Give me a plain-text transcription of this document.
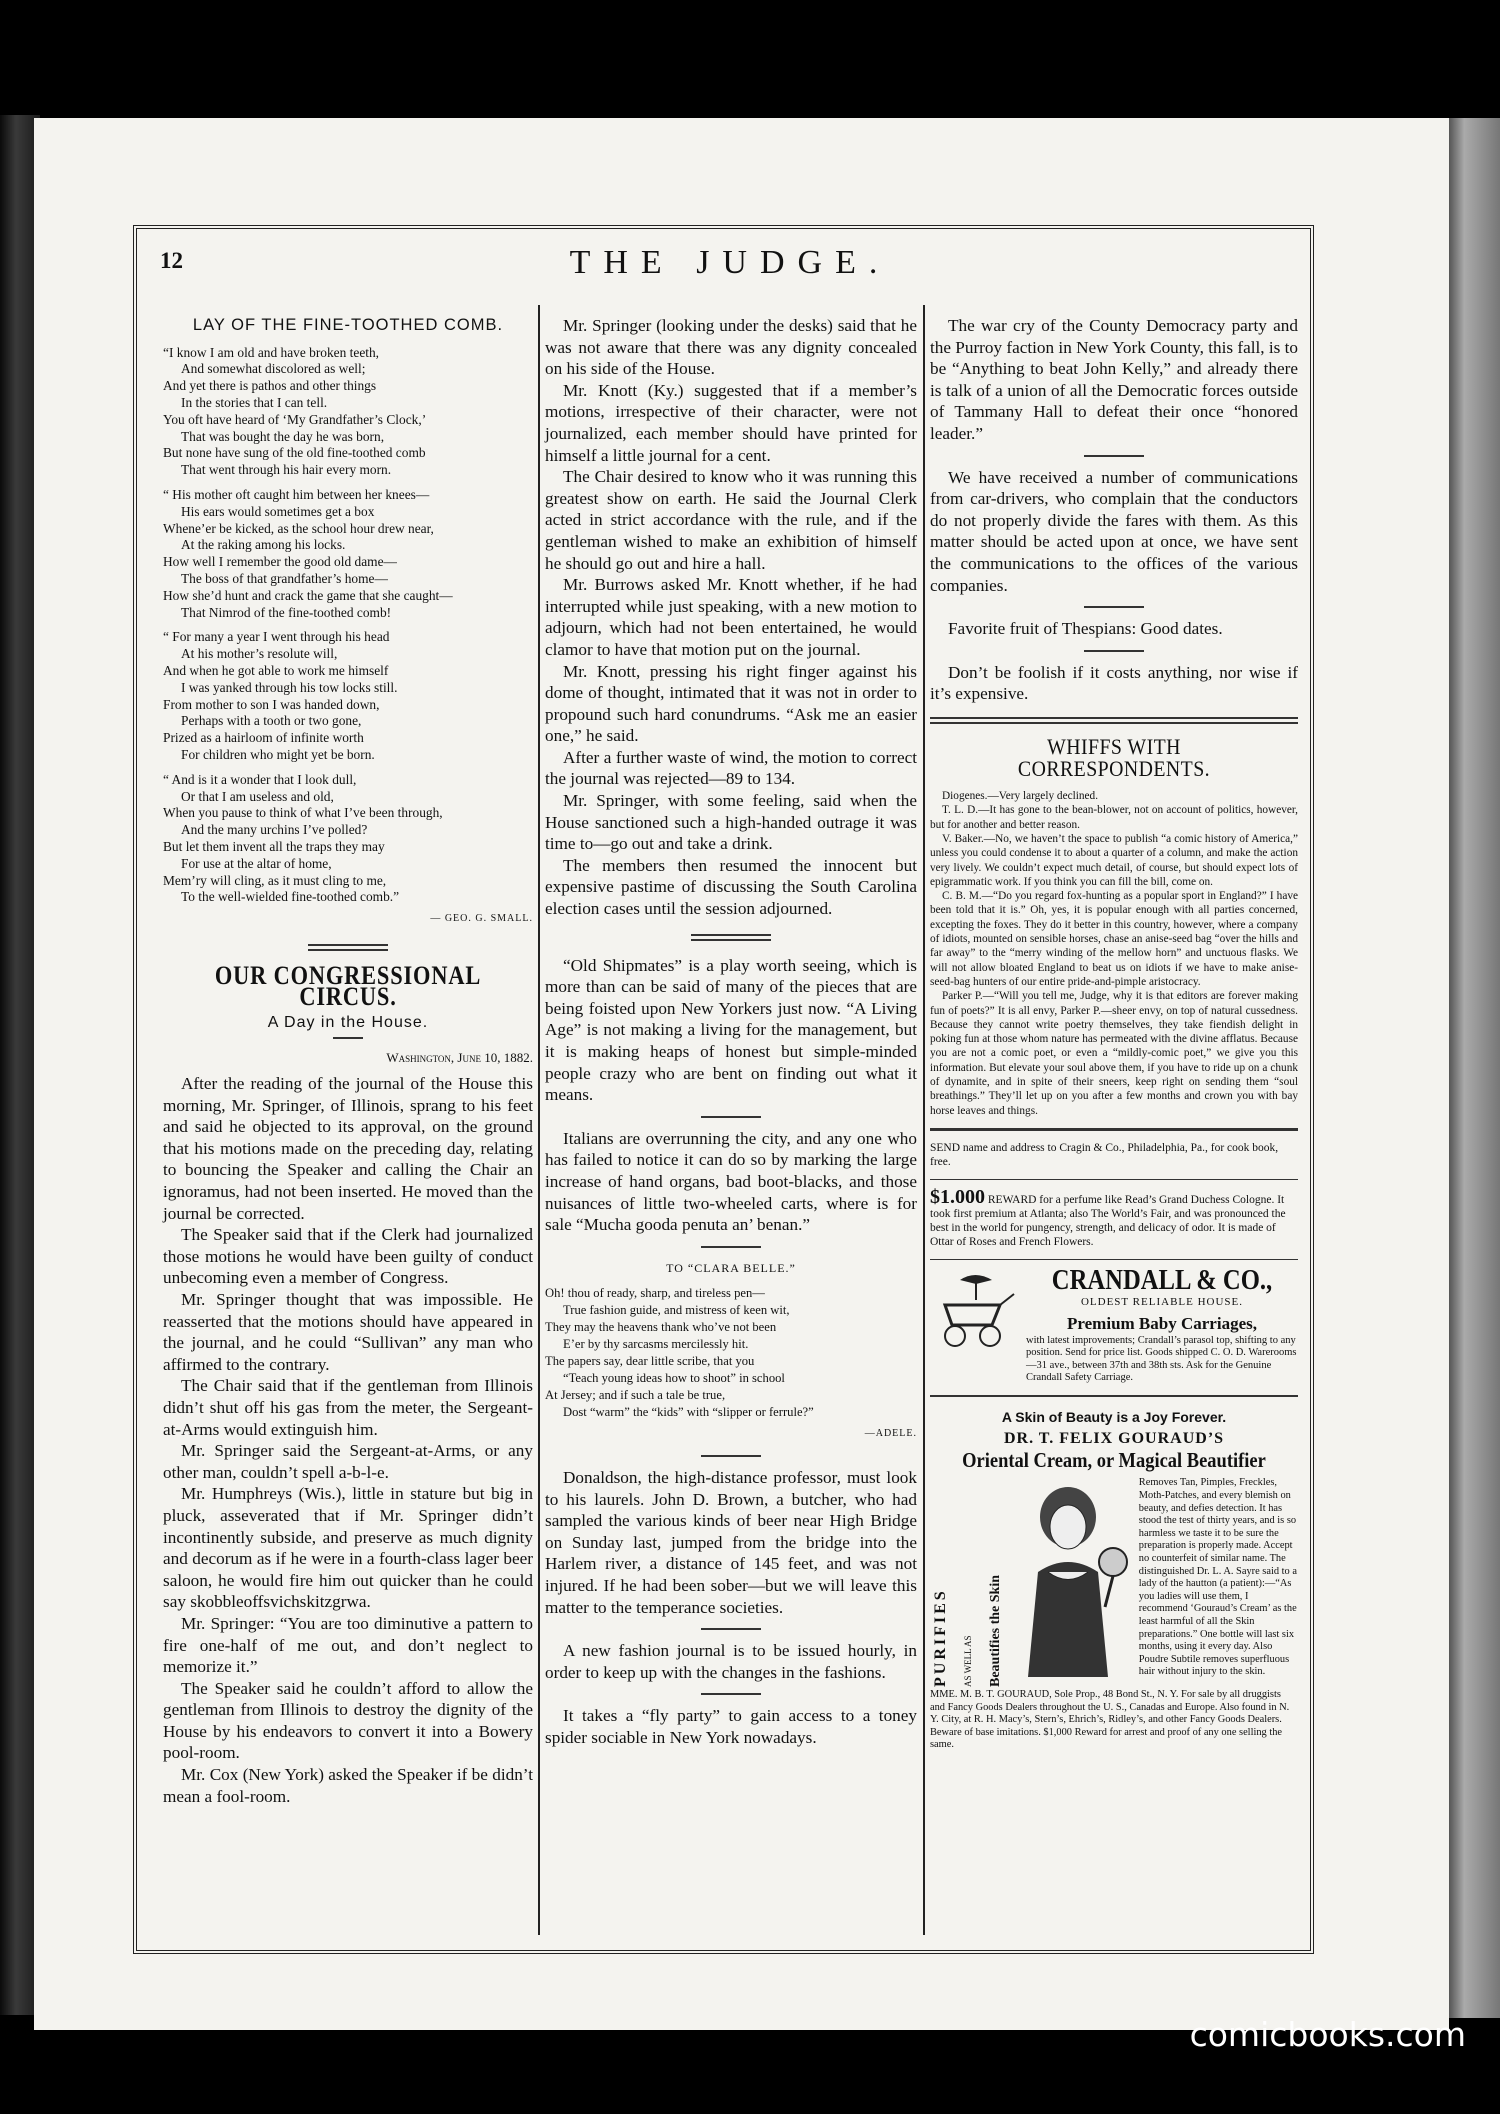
12	THE JUDGE.
LAY OF THE FINE-TOOTHED COMB.
“I know I am old and have broken teeth,
And somewhat discolored as well;
And yet there is pathos and other things
In the stories that I can tell.
You oft have heard of ‘My Grandfather’s Clock,’
That was bought the day he was born,
But none have sung of the old fine-toothed comb
That went through his hair every morn.
“ His mother oft caught him between her knees—
His ears would sometimes get a box
Whene’er be kicked, as the school hour drew near,
At the raking among his locks.
How well I remember the good old dame—
The boss of that grandfather’s home—
How she’d hunt and crack the game that she caught—
That Nimrod of the fine-toothed comb!
“ For many a year I went through his head
At his mother’s resolute will,
And when he got able to work me himself
I was yanked through his tow locks still.
From mother to son I was handed down,
Perhaps with a tooth or two gone,
Prized as a hairloom of infinite worth
For children who might yet be born.
“ And is it a wonder that I look dull,
Or that I am useless and old,
When you pause to think of what I’ve been through,
And the many urchins I’ve polled?
But let them invent all the traps they may
For use at the altar of home,
Mem’ry will cling, as it must cling to me,
To the well-wielded fine-toothed comb.”
— GEO. G. SMALL.
OUR CONGRESSIONAL CIRCUS.
A Day in the House.
Washington, June 10, 1882.

After the reading of the journal of the House this morning, Mr. Springer, of Illinois, sprang to his feet and said he objected to its approval, on the ground that his motions made on the preceding day, relating to bouncing the Speaker and calling the Chair an ignoramus, had not been inserted. He moved than the journal be corrected.

The Speaker said that if the Clerk had journalized those motions he would have been guilty of conduct unbecoming even a member of Congress.

Mr. Springer thought that was impossible. He reasserted that the motions should have appeared in the journal, and he could “Sullivan” any man who affirmed to the contrary.

The Chair said that if the gentleman from Illinois didn’t shut off his gas from the meter, the Sergeant-at-Arms would extinguish him.

Mr. Springer said the Sergeant-at-Arms, or any other man, couldn’t spell a-b-l-e.

Mr. Humphreys (Wis.), little in stature but big in pluck, asseverated that if Mr. Springer didn’t incontinently subside, and preserve as much dignity and decorum as if he were in a fourth-class lager beer saloon, he would fire him out quicker than he could say skobbleoffsvichskitzgrwa.

Mr. Springer: “You are too diminutive a pattern to fire one-half of me out, and don’t neglect to memorize it.”

The Speaker said he couldn’t afford to allow the gentleman from Illinois to destroy the dignity of the House by his endeavors to convert it into a Bowery pool-room.

Mr. Cox (New York) asked the Speaker if be didn’t mean a fool-room.

Mr. Springer (looking under the desks) said that he was not aware that there was any dignity concealed on his side of the House.

Mr. Knott (Ky.) suggested that if a member’s motions, irrespective of their character, were not journalized, each member should have printed for himself a little journal for a cent.

The Chair desired to know who it was running this greatest show on earth. He said the Journal Clerk acted in strict accordance with the rule, and if the gentleman wished to make an exhibition of himself he should go out and hire a hall.

Mr. Burrows asked Mr. Knott whether, if he had interrupted while just speaking, with a new motion to adjourn, which had not been entertained, he would clamor to have that motion put on the journal.

Mr. Knott, pressing his right finger against his dome of thought, intimated that it was not in order to propound such hard conundrums. “Ask me an easier one,” he said.

After a further waste of wind, the motion to correct the journal was rejected—89 to 134.

Mr. Springer, with some feeling, said when the House sanctioned such a high-handed outrage it was time to—go out and take a drink.

The members then resumed the innocent but expensive pastime of discussing the South Carolina election cases until the session adjourned.

“Old Shipmates” is a play worth seeing, which is more than can be said of many of the pieces that are being foisted upon New Yorkers just now. “A Living Age” is not making a living for the management, but it is making heaps of honest but simple-minded people crazy who are bent on finding out what it means.

Italians are overrunning the city, and any one who has failed to notice it can do so by marking the large increase of hand organs, bad boot-blacks, and those nuisances of little two-wheeled carts, where is for sale “Mucha gooda penuta an’ benan.”

TO “CLARA BELLE.”
Oh! thou of ready, sharp, and tireless pen—
True fashion guide, and mistress of keen wit,
They may the heavens thank who’ve not been
E’er by thy sarcasms mercilessly hit.
The papers say, dear little scribe, that you
“Teach young ideas how to shoot” in school
At Jersey; and if such a tale be true,
Dost “warm” the “kids” with “slipper or ferrule?”
—ADELE.

Donaldson, the high-distance professor, must look to his laurels. John D. Brown, a butcher, who had sampled the various kinds of beer near High Bridge on Sunday last, jumped from the bridge into the Harlem river, a distance of 145 feet, and was not injured. If he had been sober—but we will leave this matter to the temperance societies.

A new fashion journal is to be issued hourly, in order to keep up with the changes in the fashions.

It takes a “fly party” to gain access to a toney spider sociable in New York nowadays.

The war cry of the County Democracy party and the Purroy faction in New York County, this fall, is to be “Anything to beat John Kelly,” and already there is talk of a union of all the Democratic forces outside of Tammany Hall to defeat their once “honored leader.”

We have received a number of communications from car-drivers, who complain that the conductors do not properly divide the fares with them. As this matter should be acted upon at once, we have sent the communications to the offices of the various companies.

Favorite fruit of Thespians: Good dates.

Don’t be foolish if it costs anything, nor wise if it’s expensive.

WHIFFS WITH CORRESPONDENTS.

Diogenes.—Very largely declined.

T. L. D.—It has gone to the bean-blower, not on account of politics, however, but for another and better reason.

V. Baker.—No, we haven’t the space to publish “a comic history of America,” unless you could condense it to about a quarter of a column, and make the action very lively. We couldn’t expect much detail, of course, but should expect lots of epigrammatic work. If you think you can fill the bill, come on.

C. B. M.—“Do you regard fox-hunting as a popular sport in England?” I have been told that it is.” Oh, yes, it is popular enough with all parties concerned, excepting the foxes. They do it better in this country, however, where a company of idiots, mounted on sensible horses, chase an anise-seed bag “over the hills and far away” to the “merry winding of the mellow horn” and unctuous flasks. We will not allow bloated England to beat us on idiots if we have to make anise-seed-bag hunters of our entire pride-and-pimple aristocracy.

Parker P.—“Will you tell me, Judge, why it is that editors are forever making fun of poets?” It is all envy, Parker P.—sheer envy, on top of natural cussedness. Because they cannot write poetry themselves, they take fiendish delight in poking fun at those whom nature has permeated with the divine afflatus. Because you are not a comic poet, or even a “mildly-comic poet,” we give you this information. But elevate your soul above them, if you have to ride up on a chunk of dynamite, and in spite of their sneers, keep right on sending them “soul breathings.” They’ll let up on you after a few months and crown you with bay horse leaves and things.

SEND name and address to Cragin & Co., Philadelphia, Pa., for cook book, free.
$1.000 REWARD for a perfume like Read’s Grand Duchess Cologne. It took first premium at Atlanta; also The World’s Fair, and was pronounced the best in the world for pungency, strength, and delicacy of odor. It is made of Ottar of Roses and French Flowers.
CRANDALL & CO.,
OLDEST RELIABLE HOUSE.
Premium Baby Carriages,
with latest improvements; Crandall’s parasol top, shifting to any position. Send for price list. Goods shipped C. O. D. Warerooms—31 ave., between 37th and 38th sts. Ask for the Genuine Crandall Safety Carriage.
A Skin of Beauty is a Joy Forever.
DR. T. FELIX GOURAUD’S
Oriental Cream, or Magical Beautifier
PURIFIES	AS WELL AS	Beautifies the Skin
Removes Tan, Pimples, Freckles, Moth-Patches, and every blemish on beauty, and defies detection. It has stood the test of thirty years, and is so harmless we taste it to be sure the preparation is properly made. Accept no counterfeit of similar name. The distinguished Dr. L. A. Sayre said to a lady of the hautton (a patient):—“As you ladies will use them, I recommend ‘Gouraud’s Cream’ as the least harmful of all the Skin preparations.” One bottle will last six months, using it every day. Also Poudre Subtile removes superfluous hair without injury to the skin.
MME. M. B. T. GOURAUD, Sole Prop., 48 Bond St., N. Y. For sale by all druggists and Fancy Goods Dealers throughout the U. S., Canadas and Europe. Also found in N. Y. City, at R. H. Macy’s, Stern’s, Ehrich’s, Ridley’s, and other Fancy Goods Dealers. Beware of base imitations. $1,000 Reward for arrest and proof of any one selling the same.
comicbooks.com
